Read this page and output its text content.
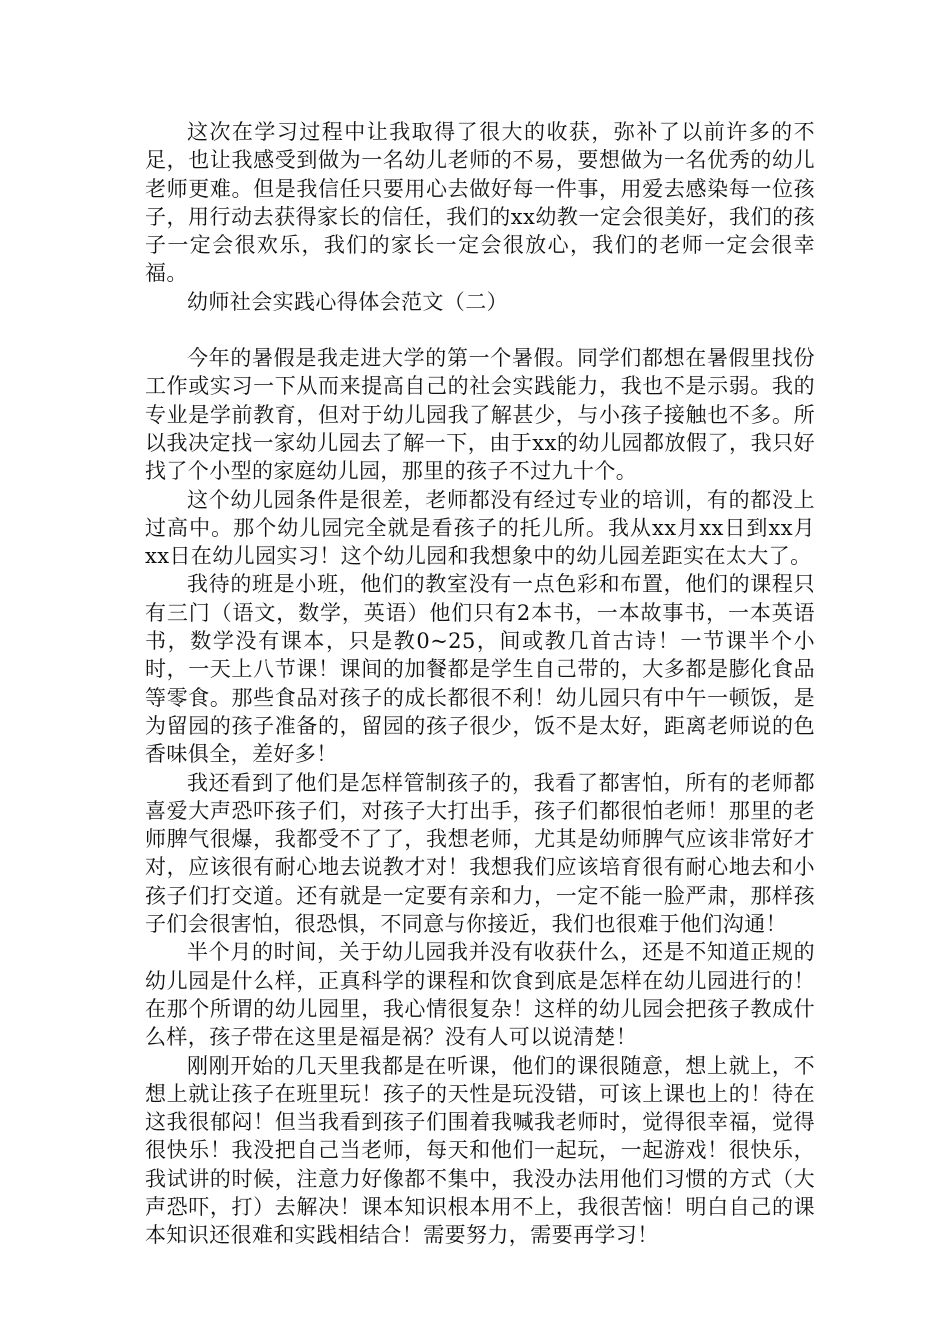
这次在学习过程中让我取得了很大的收获，弥补了以前许多的不足，也让我感受到做为一名幼儿老师的不易，要想做为一名优秀的幼儿老师更难。但是我信任只要用心去做好每一件事，用爱去感染每一位孩子，用行动去获得家长的信任，我们的xx幼教一定会很美好，我们的孩子一定会很欢乐，我们的家长一定会很放心，我们的老师一定会很幸福。

幼师社会实践心得体会范文（二）

今年的暑假是我走进大学的第一个暑假。同学们都想在暑假里找份工作或实习一下从而来提高自己的社会实践能力，我也不是示弱。我的专业是学前教育，但对于幼儿园我了解甚少，与小孩子接触也不多。所以我决定找一家幼儿园去了解一下，由于xx的幼儿园都放假了，我只好找了个小型的家庭幼儿园，那里的孩子不过九十个。

这个幼儿园条件是很差，老师都没有经过专业的培训，有的都没上过高中。那个幼儿园完全就是看孩子的托儿所。我从xx月xx日到xx月xx日在幼儿园实习！这个幼儿园和我想象中的幼儿园差距实在太大了。

我待的班是小班，他们的教室没有一点色彩和布置，他们的课程只有三门（语文，数学，英语）他们只有2本书，一本故事书，一本英语书，数学没有课本，只是教0~25，间或教几首古诗！一节课半个小时，一天上八节课！课间的加餐都是学生自己带的，大多都是膨化食品等零食。那些食品对孩子的成长都很不利！幼儿园只有中午一顿饭，是为留园的孩子准备的，留园的孩子很少，饭不是太好，距离老师说的色香味俱全，差好多！

我还看到了他们是怎样管制孩子的，我看了都害怕，所有的老师都喜爱大声恐吓孩子们，对孩子大打出手，孩子们都很怕老师！那里的老师脾气很爆，我都受不了了，我想老师，尤其是幼师脾气应该非常好才对，应该很有耐心地去说教才对！我想我们应该培育很有耐心地去和小孩子们打交道。还有就是一定要有亲和力，一定不能一脸严肃，那样孩子们会很害怕，很恐惧，不同意与你接近，我们也很难于他们沟通！

半个月的时间，关于幼儿园我并没有收获什么，还是不知道正规的幼儿园是什么样，正真科学的课程和饮食到底是怎样在幼儿园进行的！在那个所谓的幼儿园里，我心情很复杂！这样的幼儿园会把孩子教成什么样，孩子带在这里是福是祸？没有人可以说清楚！

刚刚开始的几天里我都是在听课，他们的课很随意，想上就上，不想上就让孩子在班里玩！孩子的天性是玩没错，可该上课也上的！待在这我很郁闷！但当我看到孩子们围着我喊我老师时，觉得很幸福，觉得很快乐！我没把自己当老师，每天和他们一起玩，一起游戏！很快乐，我试讲的时候，注意力好像都不集中，我没办法用他们习惯的方式（大声恐吓，打）去解决！课本知识根本用不上，我很苦恼！明白自己的课本知识还很难和实践相结合！需要努力，需要再学习！
